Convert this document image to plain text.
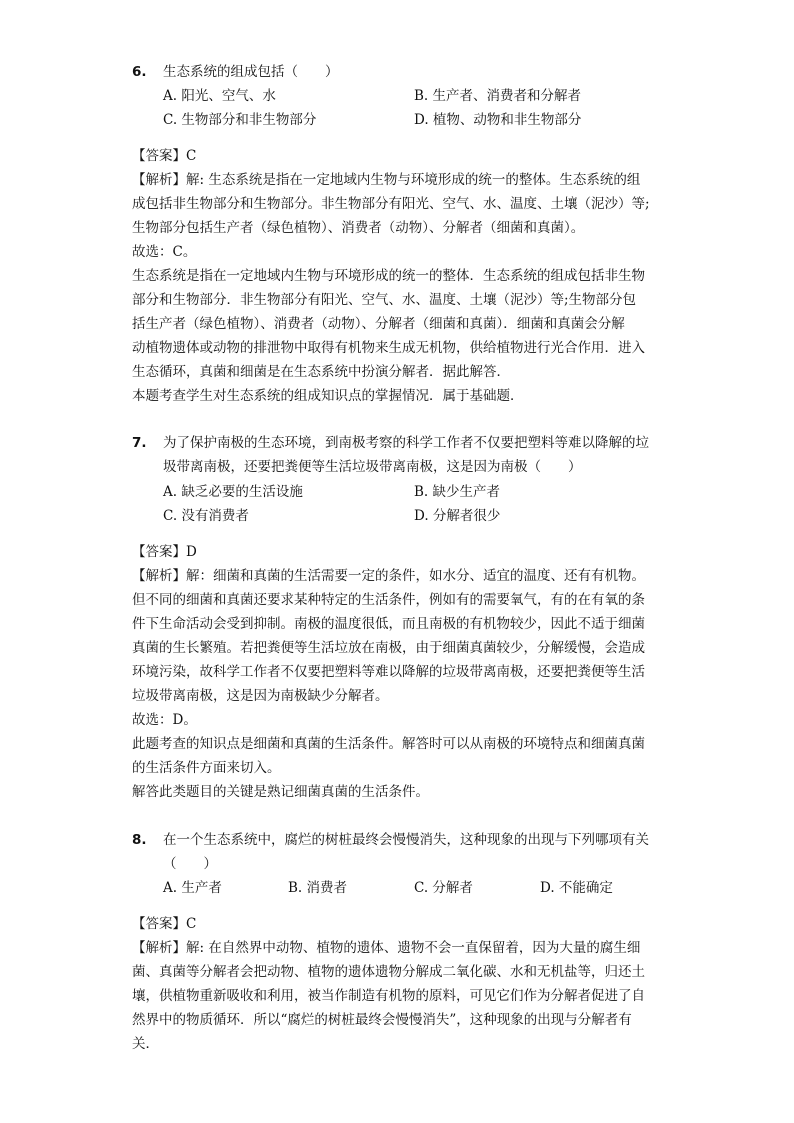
6. 生态系统的组成包括（　　）
A. 阳光、空气、水	B. 生产者、消费者和分解者
C. 生物部分和非生物部分	D. 植物、动物和非生物部分
【答案】C
【解析】解: 生态系统是指在一定地域内生物与环境形成的统一的整体。生态系统的组
成包括非生物部分和生物部分。非生物部分有阳光、空气、水、温度、土壤（泥沙）等;
生物部分包括生产者（绿色植物）、消费者（动物）、分解者（细菌和真菌）。
故选：C。
生态系统是指在一定地域内生物与环境形成的统一的整体．生态系统的组成包括非生物
部分和生物部分．非生物部分有阳光、空气、水、温度、土壤（泥沙）等;生物部分包
括生产者（绿色植物）、消费者（动物）、分解者（细菌和真菌）．细菌和真菌会分解
动植物遗体或动物的排泄物中取得有机物来生成无机物，供给植物进行光合作用．进入
生态循环，真菌和细菌是在生态系统中扮演分解者．据此解答．
本题考查学生对生态系统的组成知识点的掌握情况．属于基础题．
7. 为了保护南极的生态环境，到南极考察的科学工作者不仅要把塑料等难以降解的垃
圾带离南极，还要把粪便等生活垃圾带离南极，这是因为南极（　　）
A. 缺乏必要的生活设施	B. 缺少生产者
C. 没有消费者	D. 分解者很少
【答案】D
【解析】解：细菌和真菌的生活需要一定的条件，如水分、适宜的温度、还有有机物。
但不同的细菌和真菌还要求某种特定的生活条件，例如有的需要氧气，有的在有氧的条
件下生命活动会受到抑制。南极的温度很低，而且南极的有机物较少，因此不适于细菌
真菌的生长繁殖。若把粪便等生活垃放在南极，由于细菌真菌较少，分解缓慢，会造成
环境污染，故科学工作者不仅要把塑料等难以降解的垃圾带离南极，还要把粪便等生活
垃圾带离南极，这是因为南极缺少分解者。
故选：D。
此题考查的知识点是细菌和真菌的生活条件。解答时可以从南极的环境特点和细菌真菌
的生活条件方面来切入。
解答此类题目的关键是熟记细菌真菌的生活条件。
8. 在一个生态系统中，腐烂的树桩最终会慢慢消失，这种现象的出现与下列哪项有关
（　　）
A. 生产者	B. 消费者	C. 分解者	D. 不能确定
【答案】C
【解析】解: 在自然界中动物、植物的遗体、遗物不会一直保留着，因为大量的腐生细
菌、真菌等分解者会把动物、植物的遗体遗物分解成二氧化碳、水和无机盐等，归还土
壤，供植物重新吸收和利用，被当作制造有机物的原料，可见它们作为分解者促进了自
然界中的物质循环．所以“腐烂的树桩最终会慢慢消失”，这种现象的出现与分解者有
关．
